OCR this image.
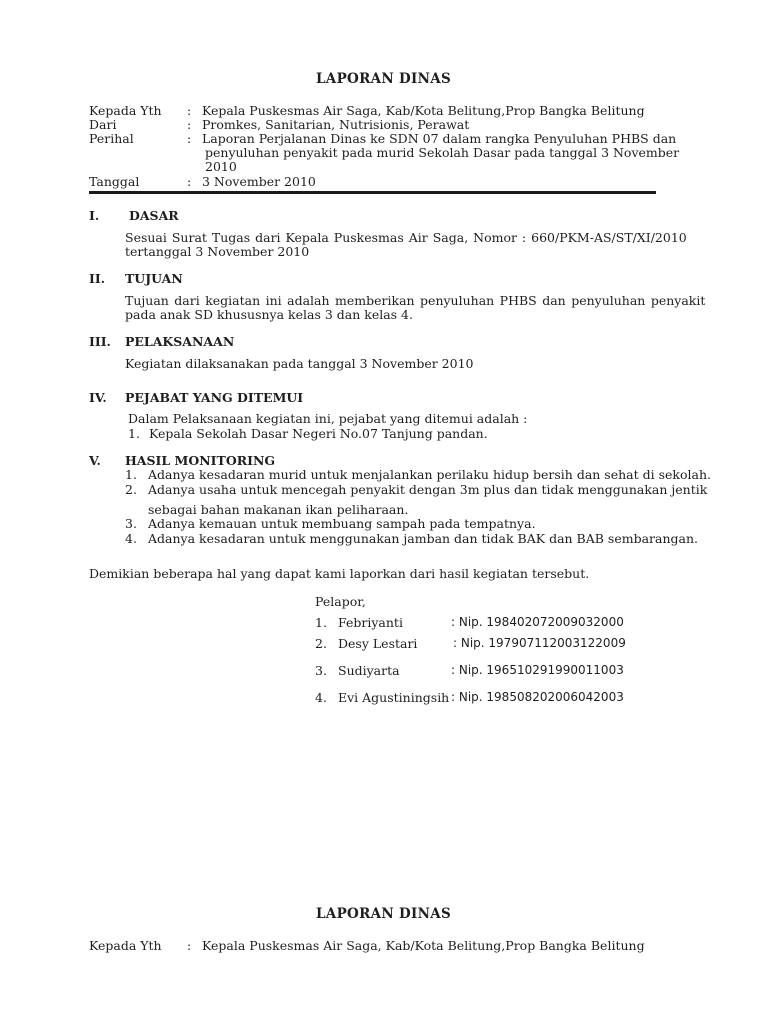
LAPORAN DINAS
Kepada Yth : Kepala Puskesmas Air Saga, Kab/Kota Belitung,Prop Bangka Belitung
Dari	: Promkes, Sanitarian, Nutrisionis, Perawat
Perihal	: Laporan Perjalanan Dinas ke SDN 07 dalam rangka Penyuluhan PHBS dan
penyuluhan penyakit pada murid Sekolah Dasar pada tanggal 3 November
2010
Tanggal	: 3 November 2010
I. DASAR
Sesuai Surat Tugas dari Kepala Puskesmas Air Saga, Nomor : 660/PKM-AS/ST/XI/2010
tertanggal 3 November 2010
II. TUJUAN
Tujuan dari kegiatan ini adalah memberikan penyuluhan PHBS dan penyuluhan penyakit
pada anak SD khususnya kelas 3 dan kelas 4.
III. PELAKSANAAN
Kegiatan dilaksanakan pada tanggal 3 November 2010
IV. PEJABAT YANG DITEMUI
Dalam Pelaksanaan kegiatan ini, pejabat yang ditemui adalah :
1. Kepala Sekolah Dasar Negeri No.07 Tanjung pandan.
V. HASIL MONITORING
1. Adanya kesadaran murid untuk menjalankan perilaku hidup bersih dan sehat di sekolah.
2. Adanya usaha untuk mencegah penyakit dengan 3m plus dan tidak menggunakan jentik
sebagai bahan makanan ikan peliharaan.
3. Adanya kemauan untuk membuang sampah pada tempatnya.
4. Adanya kesadaran untuk menggunakan jamban dan tidak BAK dan BAB sembarangan.
Demikian beberapa hal yang dapat kami laporkan dari hasil kegiatan tersebut.
Pelapor,
1. Febriyanti	: Nip. 198402072009032000
2. Desy Lestari	: Nip. 197907112003122009
3. Sudiyarta	: Nip. 196510291990011003
4. Evi Agustiningsih : Nip. 198508202006042003
LAPORAN DINAS
Kepada Yth : Kepala Puskesmas Air Saga, Kab/Kota Belitung,Prop Bangka Belitung
